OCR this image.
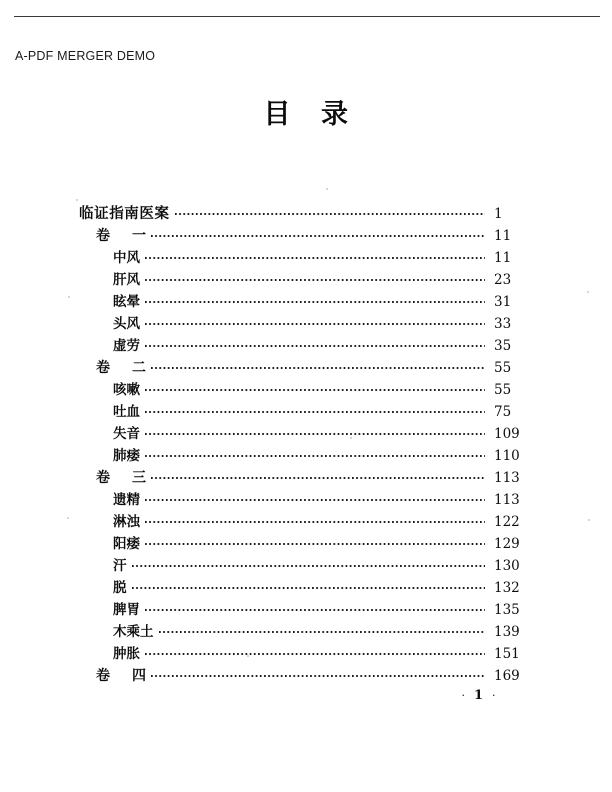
A-PDF MERGER DEMO
目 录
临证指南医案	1
卷 一	11
中风	11
肝风	23
眩晕	31
头风	33
虚劳	35
卷 二	55
咳嗽	55
吐血	75
失音	109
肺痿	110
卷 三	113
遗精	113
淋浊	122
阳痿	129
汗	130
脱	132
脾胃	135
木乘土	139
肿胀	151
卷 四	169
· 1 ·
